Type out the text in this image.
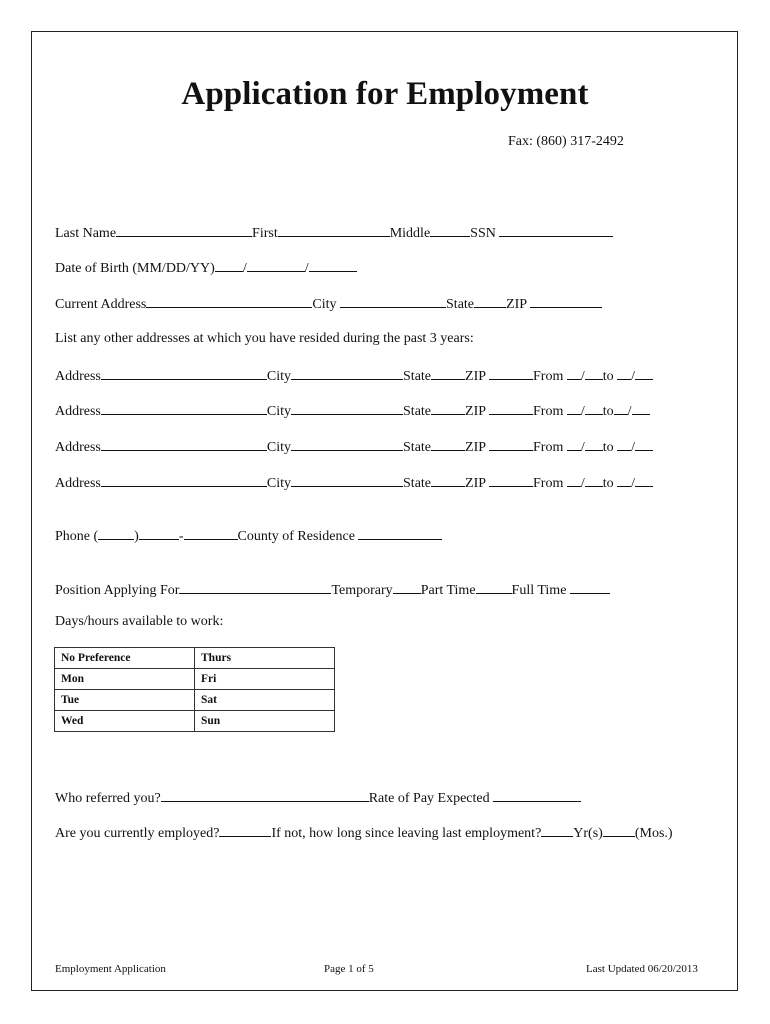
Application for Employment
Fax: (860) 317-2492
Last Name	First	Middle	SSN
Date of Birth (MM/DD/YY) /	/
Current Address	City	State ZIP
List any other addresses at which you have resided during the past 3 years:
Address	City	State ZIP	From / to /
Address	City	State ZIP	From / to /
Address	City	State ZIP	From / to /
Address	City	State ZIP	From / to /
Phone (	)	-	County of Residence
Position Applying For	Temporary Part Time	Full Time
Days/hours available to work:
No Preference	Thurs
Mon	Fri
Tue	Sat
Wed	Sun
Who referred you?	Rate of Pay Expected
Are you currently employed?	If not, how long since leaving last employment? Yr(s) (Mos.)
Employment Application	Page 1 of 5	Last Updated 06/20/2013
